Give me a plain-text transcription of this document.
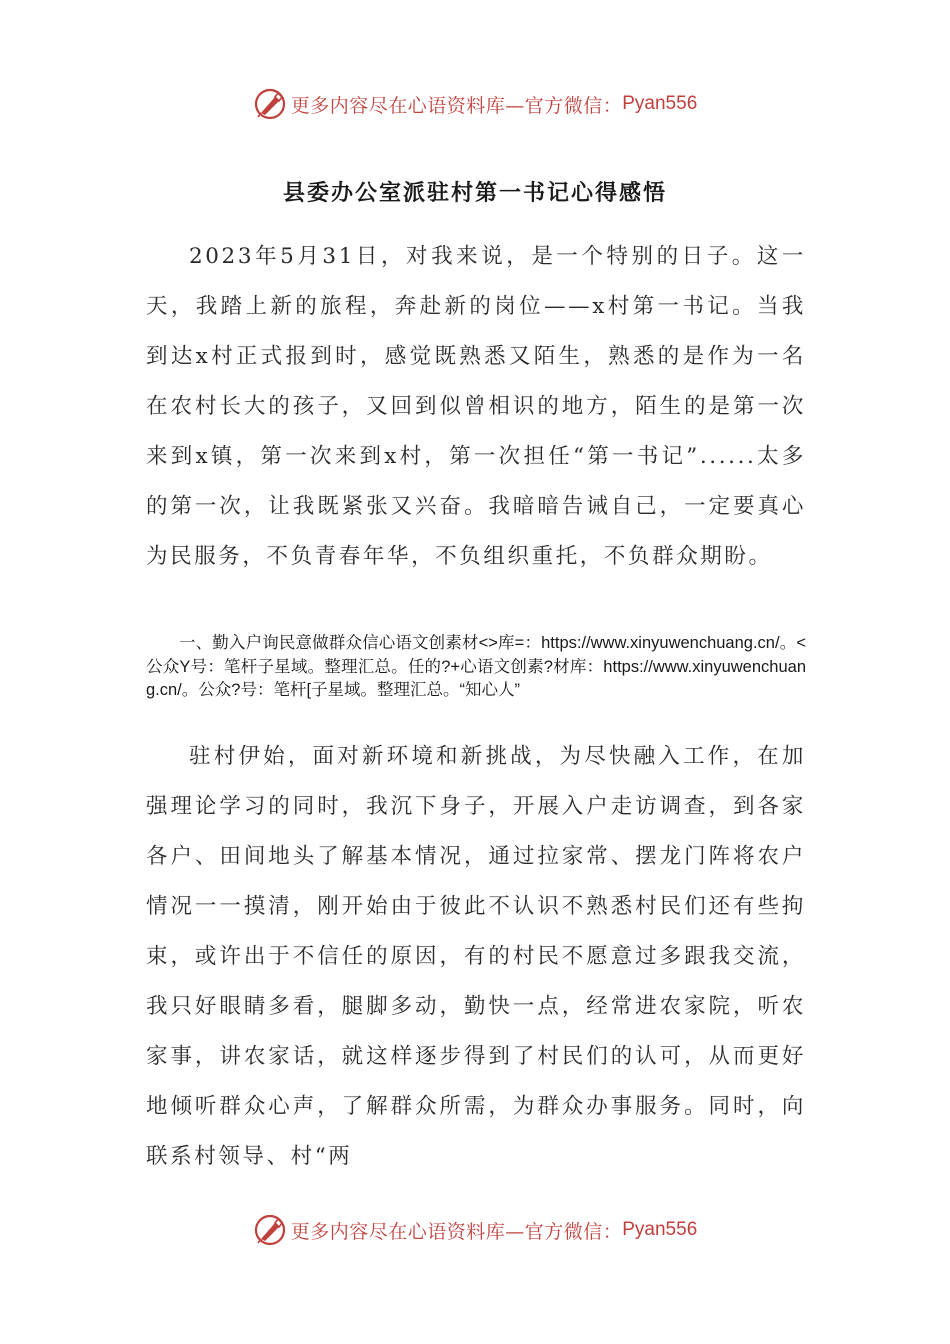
更多内容尽在心语资料库—官方微信： Pyan556
县委办公室派驻村第一书记心得感悟

2023年5月31日，对我来说，是一个特别的日子。这一天，我踏上新的旅程，奔赴新的岗位——x村第一书记。当我到达x村正式报到时，感觉既熟悉又陌生，熟悉的是作为一名在农村长大的孩子，又回到似曾相识的地方，陌生的是第一次来到x镇，第一次来到x村，第一次担任“第一书记”......太多的第一次，让我既紧张又兴奋。我暗暗告诫自己，一定要真心为民服务，不负青春年华，不负组织重托，不负群众期盼。

一、勤入户询民意做群众信心语文创素材<>库=：https://www.xinyuwenchuang.cn/。<公众Y号：笔杆子星域。整理汇总。任的?+心语文创素?材库：https://www.xinyuwenchuang.cn/。公众?号：笔杆[子星域。整理汇总。“知心人”

驻村伊始，面对新环境和新挑战，为尽快融入工作，在加强理论学习的同时，我沉下身子，开展入户走访调查，到各家各户、田间地头了解基本情况，通过拉家常、摆龙门阵将农户情况一一摸清，刚开始由于彼此不认识不熟悉村民们还有些拘束，或许出于不信任的原因，有的村民不愿意过多跟我交流，我只好眼睛多看，腿脚多动，勤快一点，经常进农家院，听农家事，讲农家话，就这样逐步得到了村民们的认可，从而更好地倾听群众心声，了解群众所需，为群众办事服务。同时，向联系村领导、村“两

更多内容尽在心语资料库—官方微信： Pyan556
